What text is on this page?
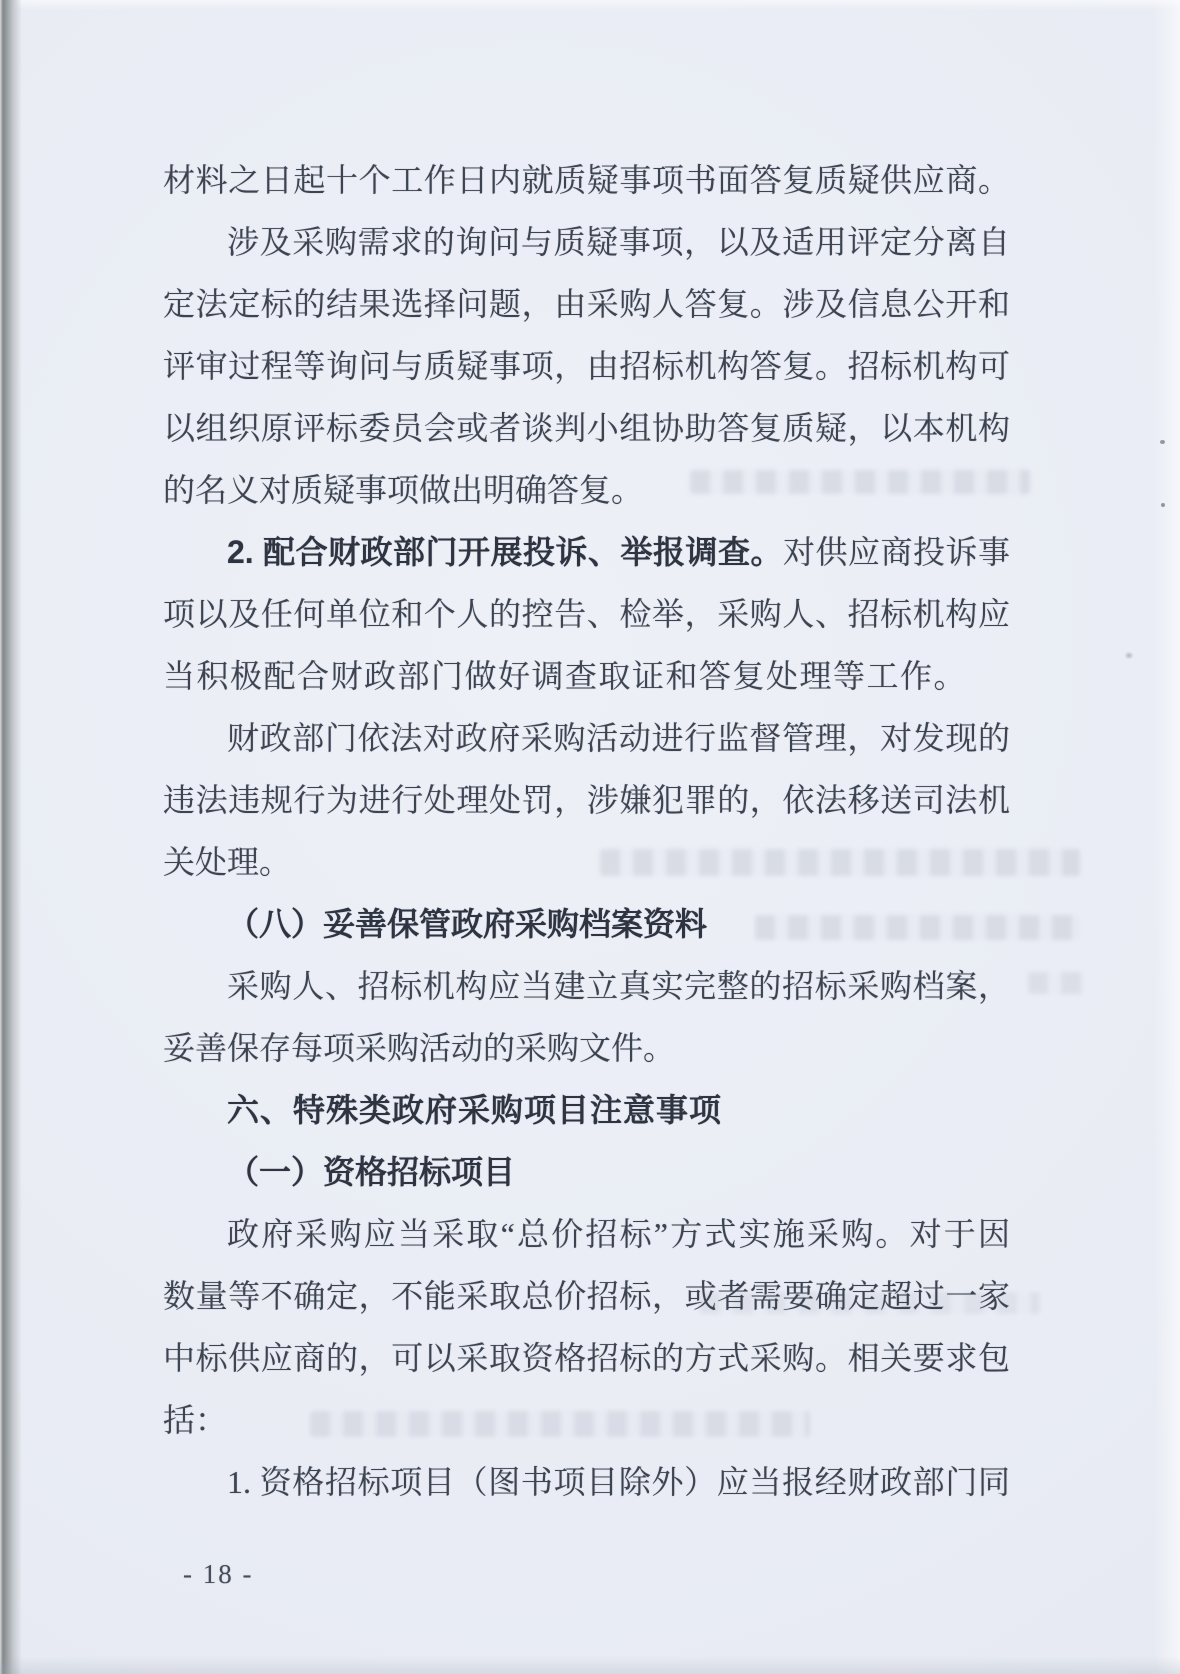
材料之日起十个工作日内就质疑事项书面答复质疑供应商。
涉及采购需求的询问与质疑事项，以及适用评定分离自
定法定标的结果选择问题，由采购人答复。涉及信息公开和
评审过程等询问与质疑事项，由招标机构答复。招标机构可
以组织原评标委员会或者谈判小组协助答复质疑，以本机构
的名义对质疑事项做出明确答复。
2. 配合财政部门开展投诉、举报调查。对供应商投诉事
项以及任何单位和个人的控告、检举，采购人、招标机构应
当积极配合财政部门做好调查取证和答复处理等工作。
财政部门依法对政府采购活动进行监督管理，对发现的
违法违规行为进行处理处罚，涉嫌犯罪的，依法移送司法机
关处理。
（八）妥善保管政府采购档案资料
采购人、招标机构应当建立真实完整的招标采购档案，
妥善保存每项采购活动的采购文件。
六、特殊类政府采购项目注意事项
（一）资格招标项目
政府采购应当采取“总价招标”方式实施采购。对于因
数量等不确定，不能采取总价招标，或者需要确定超过一家
中标供应商的，可以采取资格招标的方式采购。相关要求包
括：
1. 资格招标项目（图书项目除外）应当报经财政部门同
- 18 -
